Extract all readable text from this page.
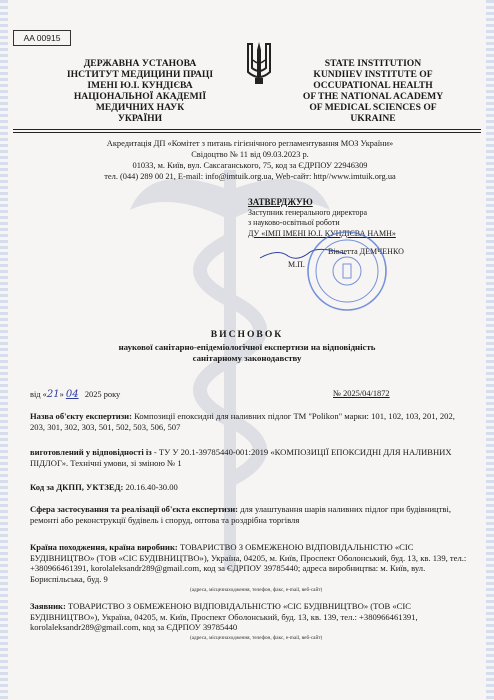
AA 00915
ДЕРЖАВНА УСТАНОВА
ІНСТИТУТ МЕДИЦИНИ ПРАЦІ
ІМЕНІ Ю.І. КУНДІЄВА
НАЦІОНАЛЬНОЇ АКАДЕМІЇ
МЕДИЧНИХ НАУК
УКРАЇНИ
STATE INSTITUTION
KUNDIIEV INSTITUTE OF
OCCUPATIONAL HEALTH
OF THE NATIONAL ACADEMY
OF MEDICAL SCIENCES OF
UKRAINE
Акредитація ДП «Комітет з питань гігієнічного регламентування МОЗ України»
Свідоцтво № 11 від 09.03.2023 р.
01033, м. Київ, вул. Саксаганського, 75, код за ЄДРПОУ 22946309
тел. (044) 289 00 21, E-mail: info@imtuik.org.ua, Web-сайт: http//www.imtuik.org.ua
ЗАТВЕРДЖУЮ
Заступник генерального директора
з науково-освітньої роботи
ДУ «ІМП ІМЕНІ Ю.І. КУНДІЄВА НАМН»
Віолетта ДЕМЧЕНКО
М.П.
ВИСНОВОК
наукової санітарно-епідеміологічної експертизи на відповідність
санітарному законодавству
від «21» 04 2025 року	№ 2025/04/1872
Назва об'єкту експертизи: Композиції епоксидні для наливних підлог ТМ "Polikon" марки: 101, 102, 103, 201, 202, 203, 301, 302, 303, 501, 502, 503, 506, 507
виготовлений у відповідності із - ТУ У 20.1-39785440-001:2019 «КОМПОЗИЦІЇ ЕПОКСИДНІ ДЛЯ НАЛИВНИХ ПІДЛОГ». Технічні умови, зі зміною № 1
Код за ДКПП, УКТЗЕД: 20.16.40-30.00
Сфера застосування та реалізації об'єкта експертизи: для улаштування шарів наливних підлог при будівництві, ремонті або реконструкції будівель і споруд, оптова та роздрібна торгівля
Країна походження, країна виробник: ТОВАРИСТВО З ОБМЕЖЕНОЮ ВІДПОВІДАЛЬНІСТЮ «СІС БУДІВНИЦТВО» (ТОВ «СІС БУДІВНИЦТВО»), Україна, 04205, м. Київ, Проспект Оболонський, буд. 13, кв. 139, тел.: +380966461391, korolaleksandr289@gmail.com, код за ЄДРПОУ 39785440; адреса виробництва: м. Київ, вул. Бориспільська, буд. 9
(адреса, місцезнаходження, телефон, факс, e-mail, веб-сайт)
Заявник: ТОВАРИСТВО З ОБМЕЖЕНОЮ ВІДПОВІДАЛЬНІСТЮ «СІС БУДІВНИЦТВО» (ТОВ «СІС БУДІВНИЦТВО»), Україна, 04205, м. Київ, Проспект Оболонський, буд. 13, кв. 139, тел.: +380966461391, korolaleksandr289@gmail.com, код за ЄДРПОУ 39785440
(адреса, місцезнаходження, телефон, факс, e-mail, веб-сайт)
